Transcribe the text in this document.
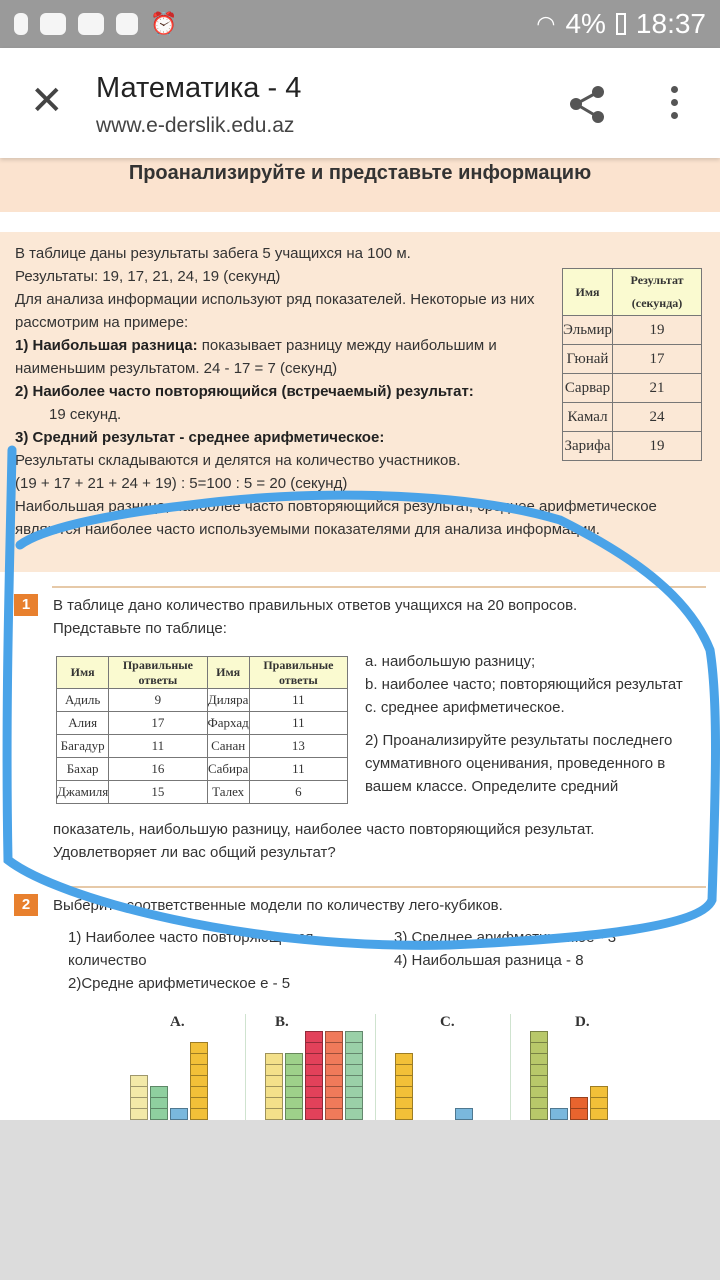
⏰	◠ 4% 18:37
✕ Математика - 4
www.e-derslik.edu.az
Проанализируйте и представьте информацию
В таблице даны результаты забега 5 учащихся на 100 м.
Результаты: 19, 17, 21, 24, 19 (секунд)
Для анализа информации используют ряд показателей. Некоторые из них рассмотрим на примере:
1) Наибольшая разница: показывает разницу между наибольшим и наименьшим результатом. 24 - 17 = 7 (секунд)
2) Наиболее часто повторяющийся (встречаемый) результат:
19 секунд.
3) Средний результат - среднее арифметическое:
Результаты складываются и делятся на количество участников.
(19 + 17 + 21 + 24 + 19) : 5=100 : 5 = 20 (секунд)
Наибольшая разница, наиболее часто повторяющийся результат, среднее арифметическое являются наиболее часто используемыми показателями для анализа информации.
Имя	Результат (секунда)
Эльмир	19
Гюнай	17
Сарвар	21
Камал	24
Зарифа	19
1	В таблице дано количество правильных ответов учащихся на 20 вопросов. Представьте по таблице:
Имя	Правильные ответы	Имя	Правильные ответы
Адиль	9	Диляра	11
Алия	17	Фархад	11
Багадур	11	Санан	13
Бахар	16	Сабира	11
Джамиля	15	Талех	6
a. наибольшую разницу;
b. наиболее часто; повторяющийся результат
c. среднее арифметическое.
2) Проанализируйте результаты последнего суммативного оценивания, проведенного в вашем классе. Определите средний
показатель, наибольшую разницу, наиболее часто повторяющийся результат. Удовлетворяет ли вас общий результат?
2	Выберите соответственные модели по количеству лего-кубиков.
1) Наиболее часто повторяющееся количество
2)Средне арифметическое е - 5
3) Среднее арифметическое - 3
4) Наибольшая разница - 8
A.	B.	C.	D.
